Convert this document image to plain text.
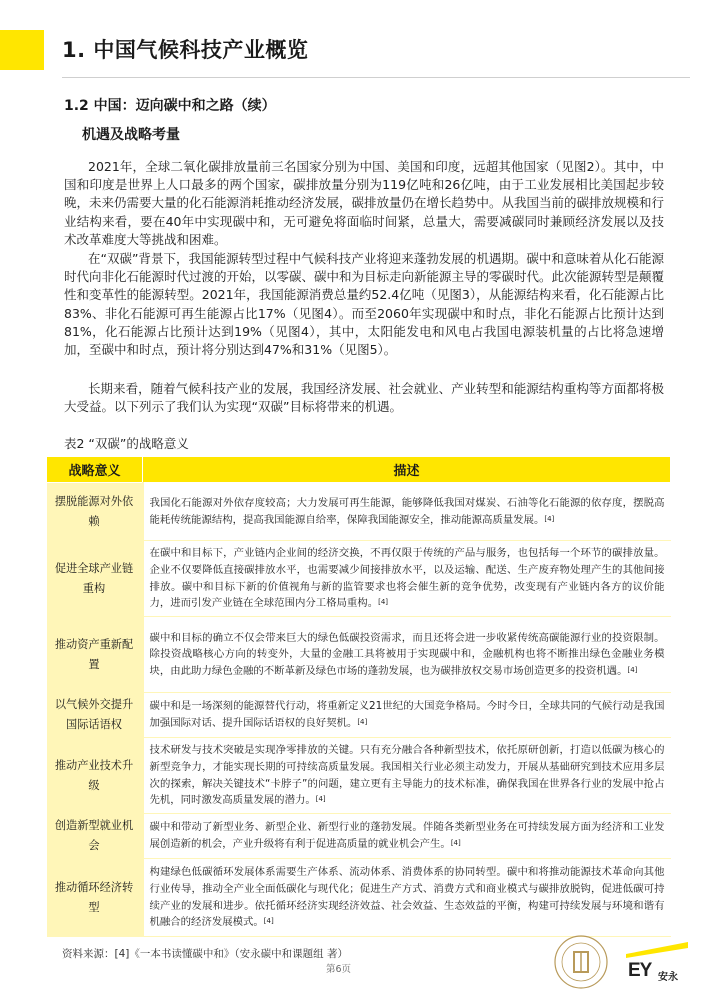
1. 中国气候科技产业概览
1.2 中国：迈向碳中和之路（续）
机遇及战略考量

2021年，全球二氧化碳排放量前三名国家分别为中国、美国和印度，远超其他国家（见图2）。其中，中国和印度是世界上人口最多的两个国家，碳排放量分别为119亿吨和26亿吨，由于工业发展相比美国起步较晚，未来仍需要大量的化石能源消耗推动经济发展，碳排放量仍在增长趋势中。从我国当前的碳排放规模和行业结构来看，要在40年中实现碳中和，无可避免将面临时间紧，总量大，需要减碳同时兼顾经济发展以及技术改革难度大等挑战和困难。

在“双碳”背景下，我国能源转型过程中气候科技产业将迎来蓬勃发展的机遇期。碳中和意味着从化石能源时代向非化石能源时代过渡的开始，以零碳、碳中和为目标走向新能源主导的零碳时代。此次能源转型是颠覆性和变革性的能源转型。2021年，我国能源消费总量约52.4亿吨（见图3），从能源结构来看，化石能源占比83%、非化石能源可再生能源占比17%（见图4）。而至2060年实现碳中和时点，非化石能源占比预计达到81%，化石能源占比预计达到19%（见图4），其中，太阳能发电和风电占我国电源装机量的占比将急速增加，至碳中和时点，预计将分别达到47%和31%（见图5）。

长期来看，随着气候科技产业的发展，我国经济发展、社会就业、产业转型和能源结构重构等方面都将极大受益。以下列示了我们认为实现“双碳”目标将带来的机遇。

表2 “双碳”的战略意义
战略意义	描述
摆脱能源对外依赖	我国化石能源对外依存度较高；大力发展可再生能源，能够降低我国对煤炭、石油等化石能源的依存度，摆脱高能耗传统能源结构，提高我国能源自给率，保障我国能源安全，推动能源高质量发展。[4]
促进全球产业链重构	在碳中和目标下，产业链内企业间的经济交换，不再仅限于传统的产品与服务，也包括每一个环节的碳排放量。企业不仅要降低直接碳排放水平，也需要减少间接排放水平，以及运输、配送、生产废弃物处理产生的其他间接排放。碳中和目标下新的价值视角与新的监管要求也将会催生新的竞争优势，改变现有产业链内各方的议价能力，进而引发产业链在全球范围内分工格局重构。[4]
推动资产重新配置	碳中和目标的确立不仅会带来巨大的绿色低碳投资需求，而且还将会进一步收紧传统高碳能源行业的投资限制。除投资战略核心方向的转变外，大量的金融工具将被用于实现碳中和，金融机构也将不断推出绿色金融业务模块，由此助力绿色金融的不断革新及绿色市场的蓬勃发展，也为碳排放权交易市场创造更多的投资机遇。[4]
以气候外交提升国际话语权	碳中和是一场深刻的能源替代行动，将重新定义21世纪的大国竞争格局。今时今日，全球共同的气候行动是我国加强国际对话、提升国际话语权的良好契机。[4]
推动产业技术升级	技术研发与技术突破是实现净零排放的关键。只有充分融合各种新型技术，依托原研创新，打造以低碳为核心的新型竞争力，才能实现长期的可持续高质量发展。我国相关行业必须主动发力，开展从基础研究到技术应用多层次的探索，解决关键技术“卡脖子”的问题，建立更有主导能力的技术标准，确保我国在世界各行业的发展中抢占先机，同时激发高质量发展的潜力。[4]
创造新型就业机会	碳中和带动了新型业务、新型企业、新型行业的蓬勃发展。伴随各类新型业务在可持续发展方面为经济和工业发展创造新的机会，产业升级将有利于促进高质量的就业机会产生。[4]
推动循环经济转型	构建绿色低碳循环发展体系需要生产体系、流动体系、消费体系的协同转型。碳中和将推动能源技术革命向其他行业传导，推动全产业全面低碳化与现代化；促进生产方式、消费方式和商业模式与碳排放脱钩，促进低碳可持续产业的发展和进步。依托循环经济实现经济效益、社会效益、生态效益的平衡，构建可持续发展与环境和谐有机融合的经济发展模式。[4]
资料来源：[4]《一本书读懂碳中和》（安永碳中和课题组 著）
第6页	EY 安永
